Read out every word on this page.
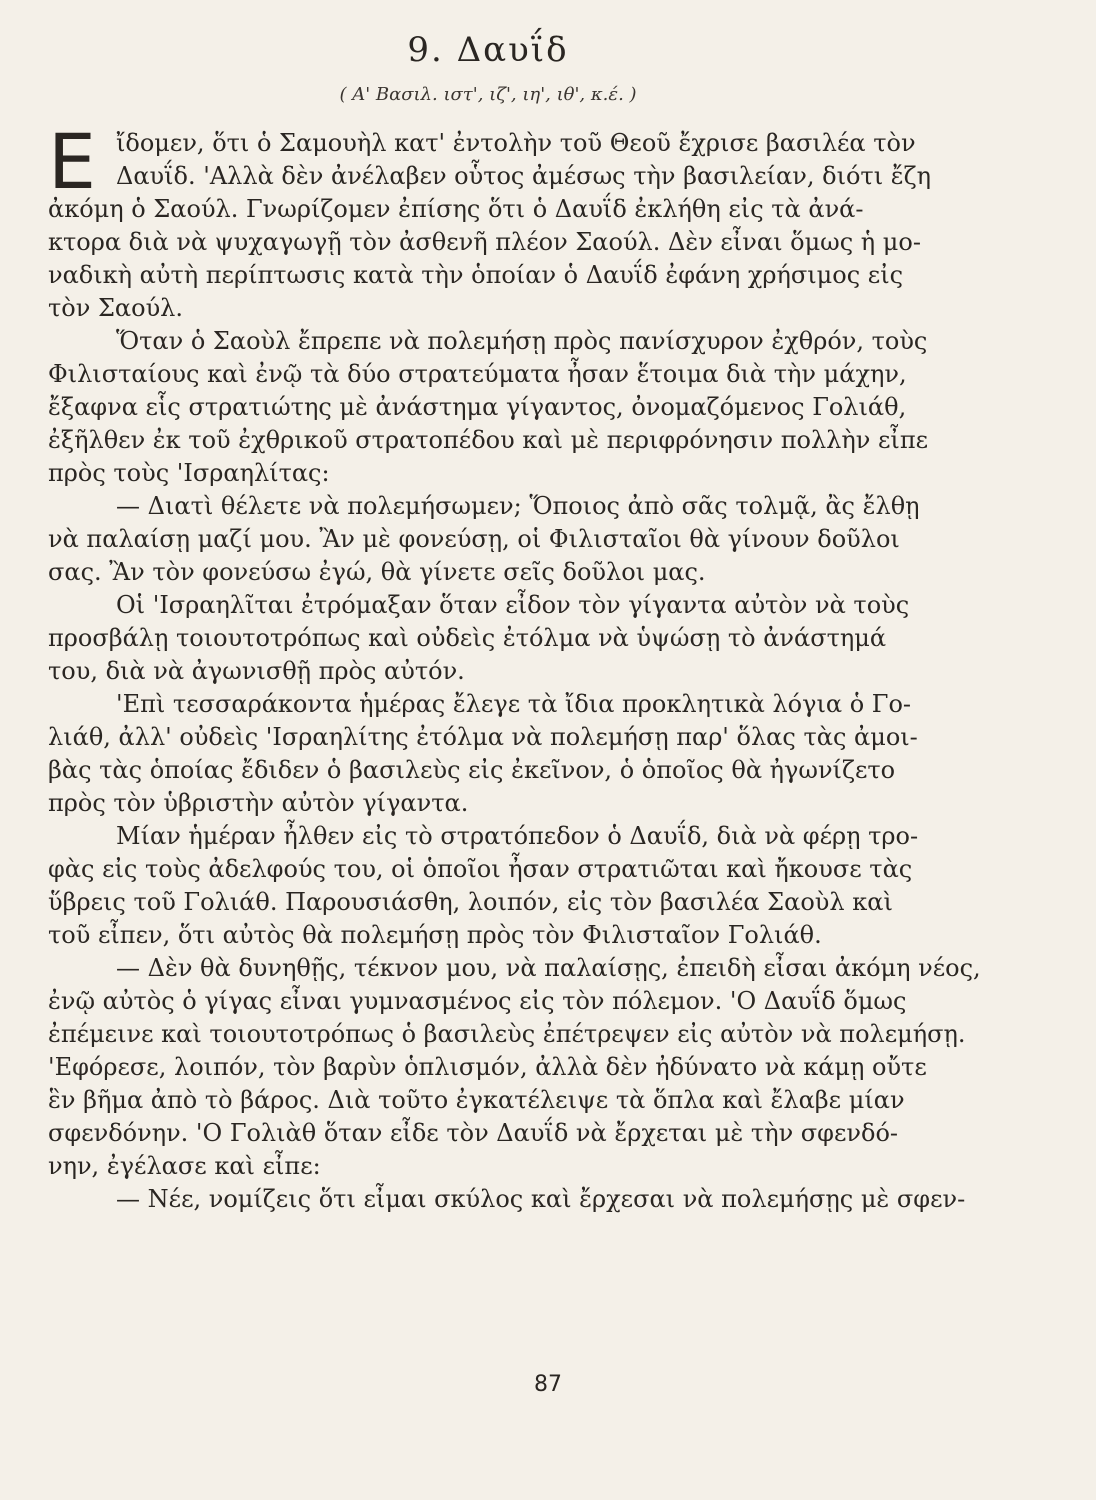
9. Δαυΐδ
( Α' Βασιλ. ιστ', ιζ', ιη', ιθ', κ.έ. )
Ε ἴδομεν, ὅτι ὁ Σαμουὴλ κατ' ἐντολὴν τοῦ Θεοῦ ἔχρισε βασιλέα τὸν
Δαυΐδ. 'Αλλὰ δὲν ἀνέλαβεν οὗτος ἀμέσως τὴν βασιλείαν, διότι ἔζη
ἀκόμη ὁ Σαούλ. Γνωρίζομεν ἐπίσης ὅτι ὁ Δαυΐδ ἐκλήθη εἰς τὰ ἀνά-
κτορα διὰ νὰ ψυχαγωγῇ τὸν ἀσθενῆ πλέον Σαούλ. Δὲν εἶναι ὅμως ἡ μο-
ναδικὴ αὐτὴ περίπτωσις κατὰ τὴν ὁποίαν ὁ Δαυΐδ ἐφάνη χρήσιμος εἰς
τὸν Σαούλ.
Ὅταν ὁ Σαοὺλ ἔπρεπε νὰ πολεμήσῃ πρὸς πανίσχυρον ἐχθρόν, τοὺς
Φιλισταίους καὶ ἐνῷ τὰ δύο στρατεύματα ἦσαν ἕτοιμα διὰ τὴν μάχην,
ἔξαφνα εἷς στρατιώτης μὲ ἀνάστημα γίγαντος, ὀνομαζόμενος Γολιάθ,
ἐξῆλθεν ἐκ τοῦ ἐχθρικοῦ στρατοπέδου καὶ μὲ περιφρόνησιν πολλὴν εἶπε
πρὸς τοὺς 'Ισραηλίτας:
— Διατὶ θέλετε νὰ πολεμήσωμεν; Ὅποιος ἀπὸ σᾶς τολμᾷ, ἂς ἔλθῃ
νὰ παλαίσῃ μαζί μου. Ἂν μὲ φονεύσῃ, οἱ Φιλισταῖοι θὰ γίνουν δοῦλοι
σας. Ἂν τὸν φονεύσω ἐγώ, θὰ γίνετε σεῖς δοῦλοι μας.
Οἱ 'Ισραηλῖται ἐτρόμαξαν ὅταν εἶδον τὸν γίγαντα αὐτὸν νὰ τοὺς
προσβάλῃ τοιουτοτρόπως καὶ οὐδεὶς ἐτόλμα νὰ ὑψώσῃ τὸ ἀνάστημά
του, διὰ νὰ ἀγωνισθῇ πρὸς αὐτόν.
'Επὶ τεσσαράκοντα ἡμέρας ἔλεγε τὰ ἴδια προκλητικὰ λόγια ὁ Γο-
λιάθ, ἀλλ' οὐδεὶς 'Ισραηλίτης ἐτόλμα νὰ πολεμήσῃ παρ' ὅλας τὰς ἀμοι-
βὰς τὰς ὁποίας ἔδιδεν ὁ βασιλεὺς εἰς ἐκεῖνον, ὁ ὁποῖος θὰ ἠγωνίζετο
πρὸς τὸν ὑβριστὴν αὐτὸν γίγαντα.
Μίαν ἡμέραν ἦλθεν εἰς τὸ στρατόπεδον ὁ Δαυΐδ, διὰ νὰ φέρῃ τρο-
φὰς εἰς τοὺς ἀδελφούς του, οἱ ὁποῖοι ἦσαν στρατιῶται καὶ ἤκουσε τὰς
ὕβρεις τοῦ Γολιάθ. Παρουσιάσθη, λοιπόν, εἰς τὸν βασιλέα Σαοὺλ καὶ
τοῦ εἶπεν, ὅτι αὐτὸς θὰ πολεμήσῃ πρὸς τὸν Φιλισταῖον Γολιάθ.
— Δὲν θὰ δυνηθῇς, τέκνον μου, νὰ παλαίσῃς, ἐπειδὴ εἶσαι ἀκόμη νέος,
ἐνῷ αὐτὸς ὁ γίγας εἶναι γυμνασμένος εἰς τὸν πόλεμον. 'Ο Δαυΐδ ὅμως
ἐπέμεινε καὶ τοιουτοτρόπως ὁ βασιλεὺς ἐπέτρεψεν εἰς αὐτὸν νὰ πολεμήσῃ.
'Εφόρεσε, λοιπόν, τὸν βαρὺν ὁπλισμόν, ἀλλὰ δὲν ἠδύνατο νὰ κάμῃ οὔτε
ἓν βῆμα ἀπὸ τὸ βάρος. Διὰ τοῦτο ἐγκατέλειψε τὰ ὅπλα καὶ ἔλαβε μίαν
σφενδόνην. 'Ο Γολιὰθ ὅταν εἶδε τὸν Δαυΐδ νὰ ἔρχεται μὲ τὴν σφενδό-
νην, ἐγέλασε καὶ εἶπε:
— Νέε, νομίζεις ὅτι εἶμαι σκύλος καὶ ἔρχεσαι νὰ πολεμήσῃς μὲ σφεν-
87
